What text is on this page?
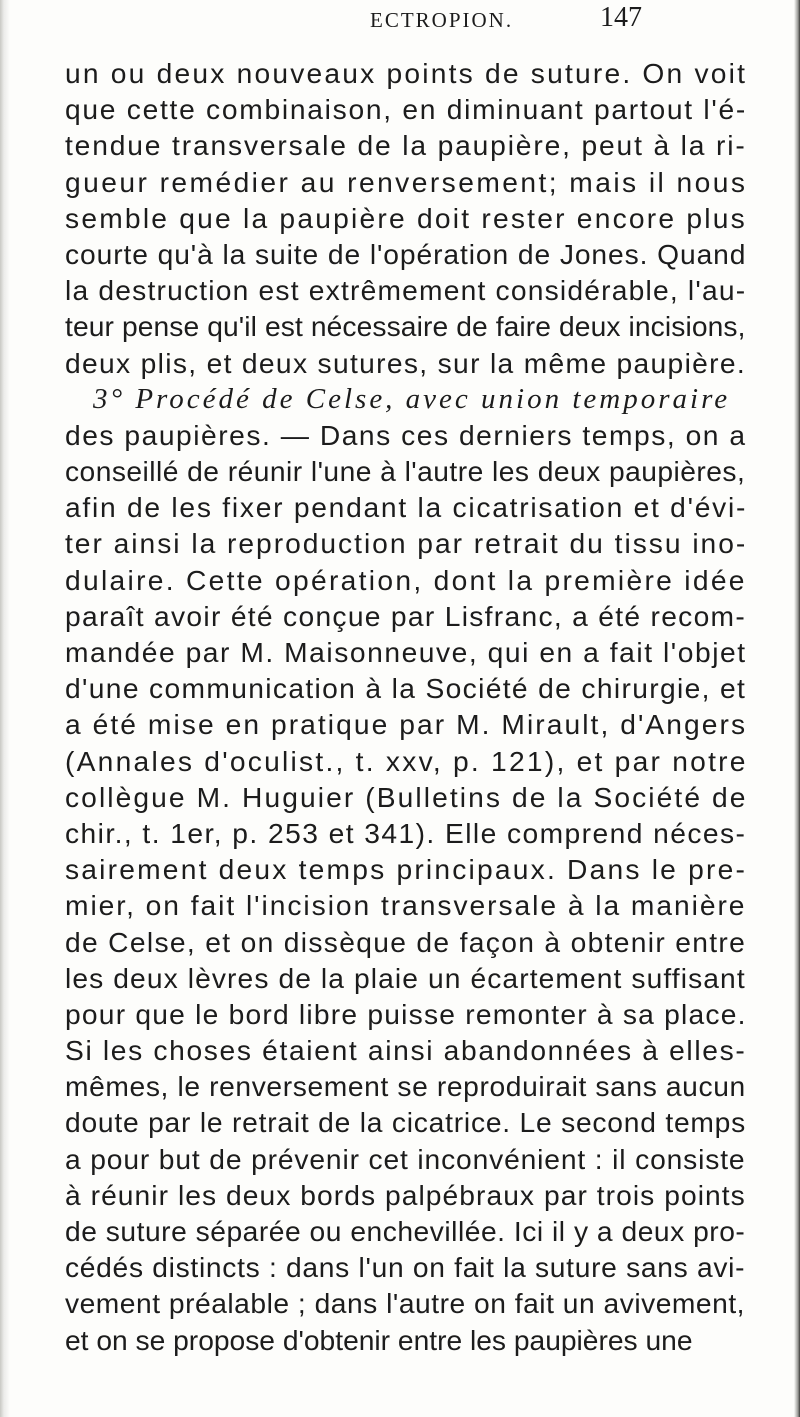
ECTROPION.	147
un ou deux nouveaux points de suture. On voit
que cette combinaison, en diminuant partout l'é-
tendue transversale de la paupière, peut à la ri-
gueur remédier au renversement; mais il nous
semble que la paupière doit rester encore plus
courte qu'à la suite de l'opération de Jones. Quand
la destruction est extrêmement considérable, l'au-
teur pense qu'il est nécessaire de faire deux incisions,
deux plis, et deux sutures, sur la même paupière.
3° Procédé de Celse, avec union temporaire
des paupières. — Dans ces derniers temps, on a
conseillé de réunir l'une à l'autre les deux paupières,
afin de les fixer pendant la cicatrisation et d'évi-
ter ainsi la reproduction par retrait du tissu ino-
dulaire. Cette opération, dont la première idée
paraît avoir été conçue par Lisfranc, a été recom-
mandée par M. Maisonneuve, qui en a fait l'objet
d'une communication à la Société de chirurgie, et
a été mise en pratique par M. Mirault, d'Angers
(Annales d'oculist., t. xxv, p. 121), et par notre
collègue M. Huguier (Bulletins de la Société de
chir., t. 1er, p. 253 et 341). Elle comprend néces-
sairement deux temps principaux. Dans le pre-
mier, on fait l'incision transversale à la manière
de Celse, et on dissèque de façon à obtenir entre
les deux lèvres de la plaie un écartement suffisant
pour que le bord libre puisse remonter à sa place.
Si les choses étaient ainsi abandonnées à elles-
mêmes, le renversement se reproduirait sans aucun
doute par le retrait de la cicatrice. Le second temps
a pour but de prévenir cet inconvénient : il consiste
à réunir les deux bords palpébraux par trois points
de suture séparée ou enchevillée. Ici il y a deux pro-
cédés distincts : dans l'un on fait la suture sans avi-
vement préalable ; dans l'autre on fait un avivement,
et on se propose d'obtenir entre les paupières une
